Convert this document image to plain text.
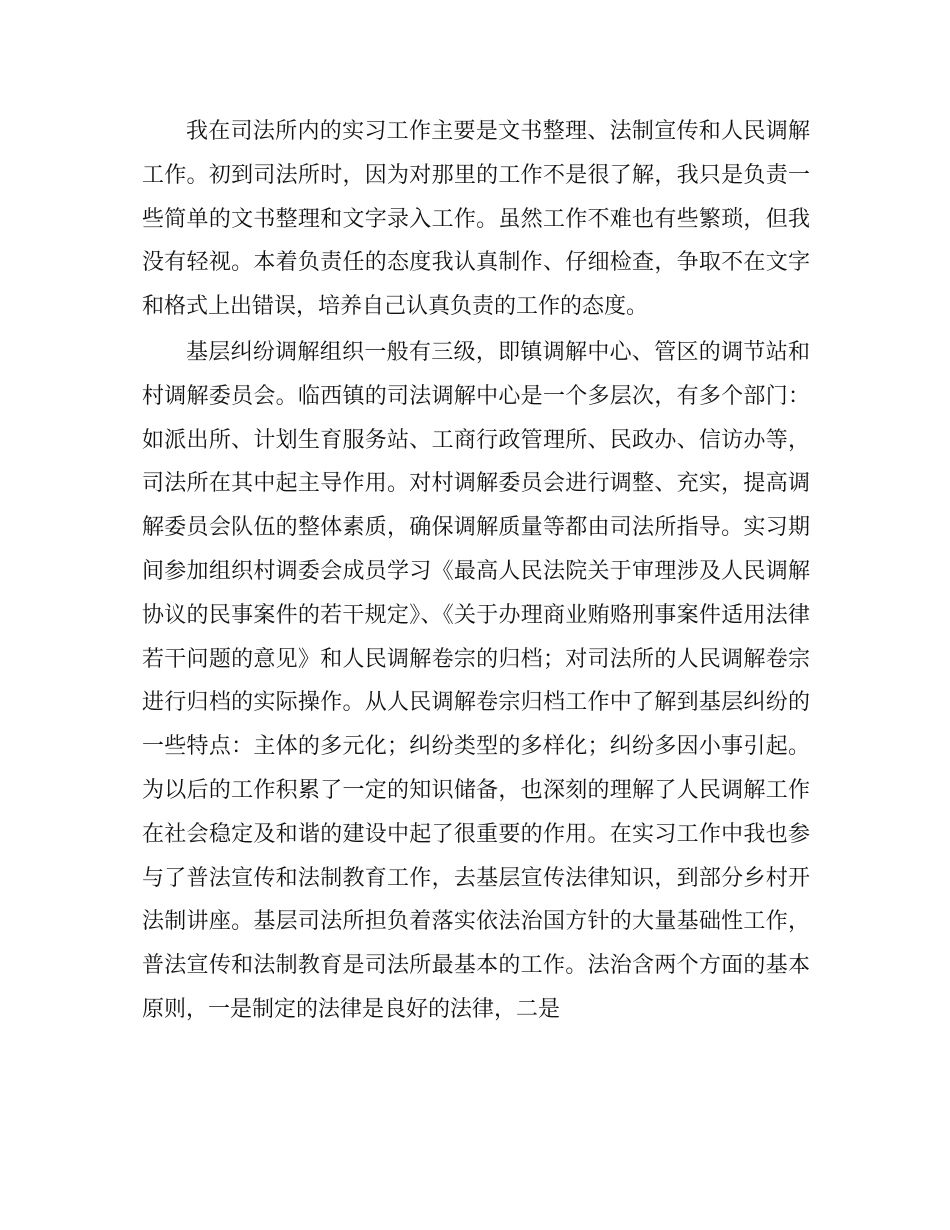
我在司法所内的实习工作主要是文书整理、法制宣传和人民调解工作。初到司法所时，因为对那里的工作不是很了解，我只是负责一些简单的文书整理和文字录入工作。虽然工作不难也有些繁琐，但我没有轻视。本着负责任的态度我认真制作、仔细检查，争取不在文字和格式上出错误，培养自己认真负责的工作的态度。

基层纠纷调解组织一般有三级，即镇调解中心、管区的调节站和村调解委员会。临西镇的司法调解中心是一个多层次，有多个部门：如派出所、计划生育服务站、工商行政管理所、民政办、信访办等，司法所在其中起主导作用。对村调解委员会进行调整、充实，提高调解委员会队伍的整体素质，确保调解质量等都由司法所指导。实习期间参加组织村调委会成员学习《最高人民法院关于审理涉及人民调解协议的民事案件的若干规定》、《关于办理商业贿赂刑事案件适用法律若干问题的意见》和人民调解卷宗的归档；对司法所的人民调解卷宗进行归档的实际操作。从人民调解卷宗归档工作中了解到基层纠纷的一些特点：主体的多元化；纠纷类型的多样化；纠纷多因小事引起。为以后的工作积累了一定的知识储备，也深刻的理解了人民调解工作在社会稳定及和谐的建设中起了很重要的作用。在实习工作中我也参与了普法宣传和法制教育工作，去基层宣传法律知识，到部分乡村开法制讲座。基层司法所担负着落实依法治国方针的大量基础性工作，普法宣传和法制教育是司法所最基本的工作。法治含两个方面的基本原则，一是制定的法律是良好的法律，二是
